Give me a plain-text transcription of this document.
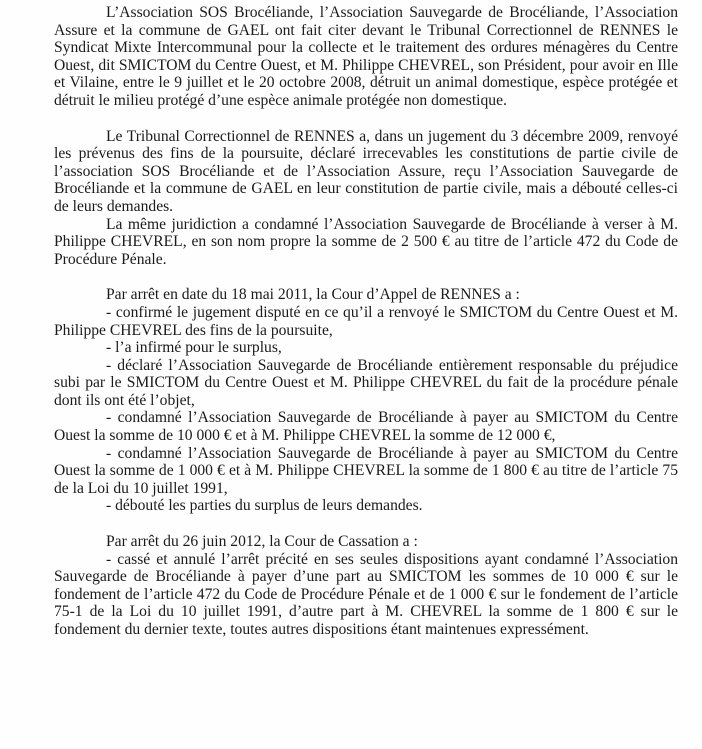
L’Association SOS Brocéliande, l’Association Sauvegarde de Brocéliande, l’Association Assure et la commune de GAEL ont fait citer devant le Tribunal Correctionnel de RENNES le Syndicat Mixte Intercommunal pour la collecte et le traitement des ordures ménagères du Centre Ouest, dit SMICTOM du Centre Ouest, et M. Philippe CHEVREL, son Président, pour avoir en Ille et Vilaine, entre le 9 juillet et le 20 octobre 2008, détruit un animal domestique, espèce protégée et détruit le milieu protégé d’une espèce animale protégée non domestique.

Le Tribunal Correctionnel de RENNES a, dans un jugement du 3 décembre 2009, renvoyé les prévenus des fins de la poursuite, déclaré irrecevables les constitutions de partie civile de l’association SOS Brocéliande et de l’Association Assure, reçu l’Association Sauvegarde de Brocéliande et la commune de GAEL en leur constitution de partie civile, mais a débouté celles-ci de leurs demandes.

La même juridiction a condamné l’Association Sauvegarde de Brocéliande à verser à M. Philippe CHEVREL, en son nom propre la somme de 2 500 € au titre de l’article 472 du Code de Procédure Pénale.

Par arrêt en date du 18 mai 2011, la Cour d’Appel de RENNES a :

- confirmé le jugement disputé en ce qu’il a renvoyé le SMICTOM du Centre Ouest et M. Philippe CHEVREL des fins de la poursuite,

- l’a infirmé pour le surplus,

- déclaré l’Association Sauvegarde de Brocéliande entièrement responsable du préjudice subi par le SMICTOM du Centre Ouest et M. Philippe CHEVREL du fait de la procédure pénale dont ils ont été l’objet,

- condamné l’Association Sauvegarde de Brocéliande à payer au SMICTOM du Centre Ouest la somme de 10 000 € et à M. Philippe CHEVREL la somme de 12 000 €,

- condamné l’Association Sauvegarde de Brocéliande à payer au SMICTOM du Centre Ouest la somme de 1 000 € et à M. Philippe CHEVREL la somme de 1 800 € au titre de l’article 75 de la Loi du 10 juillet 1991,

- débouté les parties du surplus de leurs demandes.

Par arrêt du 26 juin 2012, la Cour de Cassation a :

- cassé et annulé l’arrêt précité en ses seules dispositions ayant condamné l’Association Sauvegarde de Brocéliande à payer d’une part au SMICTOM les sommes de 10 000 € sur le fondement de l’article 472 du Code de Procédure Pénale et de 1 000 € sur le fondement de l’article 75-1 de la Loi du 10 juillet 1991, d’autre part à M. CHEVREL la somme de 1 800 € sur le fondement du dernier texte, toutes autres dispositions étant maintenues expressément.
